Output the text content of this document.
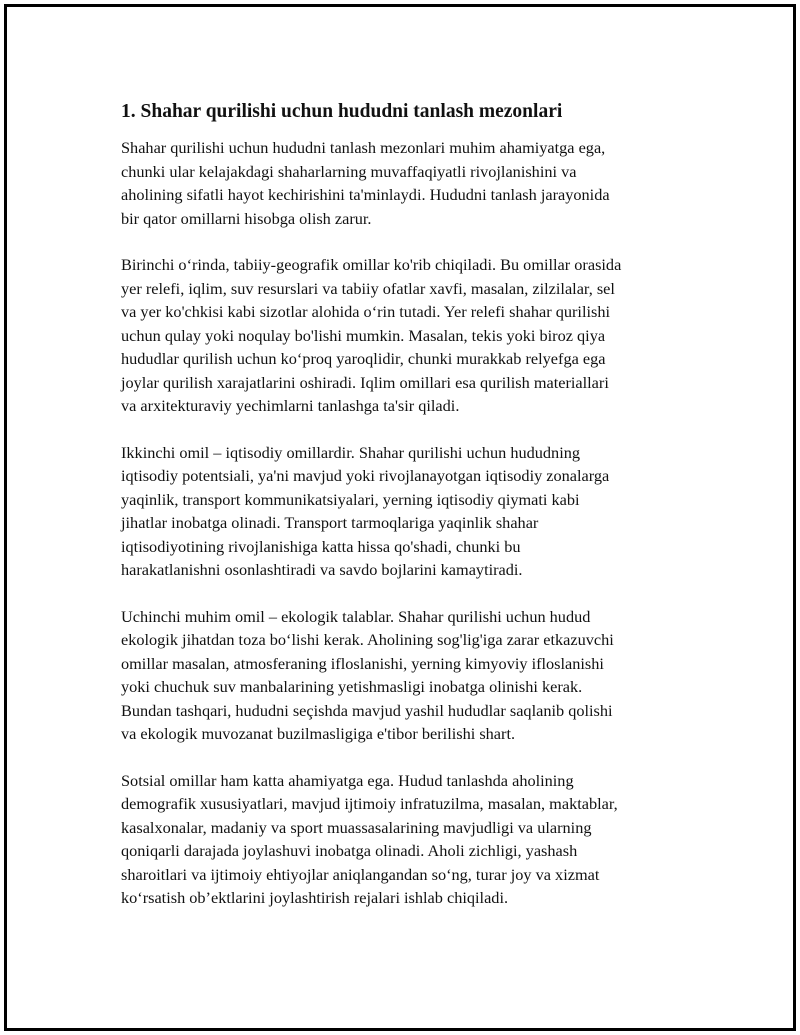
1. Shahar qurilishi uchun hududni tanlash mezonlari
Shahar qurilishi uchun hududni tanlash mezonlari muhim ahamiyatga ega,
chunki ular kelajakdagi shaharlarning muvaffaqiyatli rivojlanishini va
aholining sifatli hayot kechirishini ta'minlaydi. Hududni tanlash jarayonida
bir qator omillarni hisobga olish zarur.
Birinchi o‘rinda, tabiiy-geografik omillar ko'rib chiqiladi. Bu omillar orasida
yer relefi, iqlim, suv resurslari va tabiiy ofatlar xavfi, masalan, zilzilalar, sel
va yer ko'chkisi kabi sizotlar alohida o‘rin tutadi. Yer relefi shahar qurilishi
uchun qulay yoki noqulay bo'lishi mumkin. Masalan, tekis yoki biroz qiya
hududlar qurilish uchun ko‘proq yaroqlidir, chunki murakkab relyefga ega
joylar qurilish xarajatlarini oshiradi. Iqlim omillari esa qurilish materiallari
va arxitekturaviy yechimlarni tanlashga ta'sir qiladi.
Ikkinchi omil – iqtisodiy omillardir. Shahar qurilishi uchun hududning
iqtisodiy potentsiali, ya'ni mavjud yoki rivojlanayotgan iqtisodiy zonalarga
yaqinlik, transport kommunikatsiyalari, yerning iqtisodiy qiymati kabi
jihatlar inobatga olinadi. Transport tarmoqlariga yaqinlik shahar
iqtisodiyotining rivojlanishiga katta hissa qo'shadi, chunki bu
harakatlanishni osonlashtiradi va savdo bojlarini kamaytiradi.
Uchinchi muhim omil – ekologik talablar. Shahar qurilishi uchun hudud
ekologik jihatdan toza bo‘lishi kerak. Aholining sog'lig'iga zarar etkazuvchi
omillar masalan, atmosferaning ifloslanishi, yerning kimyoviy ifloslanishi
yoki chuchuk suv manbalarining yetishmasligi inobatga olinishi kerak.
Bundan tashqari, hududni seçishda mavjud yashil hududlar saqlanib qolishi
va ekologik muvozanat buzilmasligiga e'tibor berilishi shart.
Sotsial omillar ham katta ahamiyatga ega. Hudud tanlashda aholining
demografik xususiyatlari, mavjud ijtimoiy infratuzilma, masalan, maktablar,
kasalxonalar, madaniy va sport muassasalarining mavjudligi va ularning
qoniqarli darajada joylashuvi inobatga olinadi. Aholi zichligi, yashash
sharoitlari va ijtimoiy ehtiyojlar aniqlangandan so‘ng, turar joy va xizmat
ko‘rsatish ob’ektlarini joylashtirish rejalari ishlab chiqiladi.
